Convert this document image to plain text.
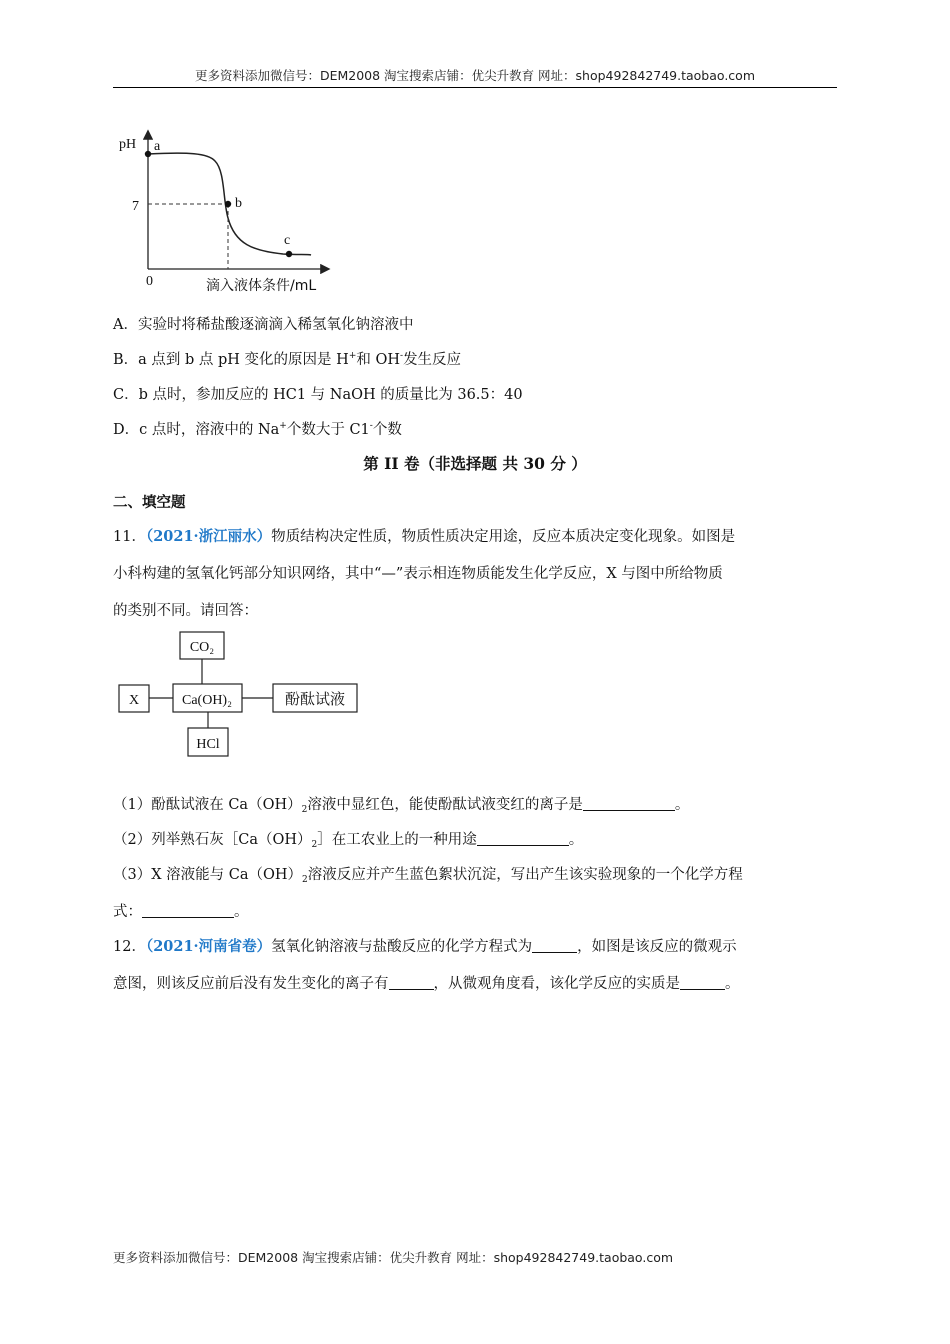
更多资料添加微信号：DEM2008 淘宝搜索店铺：优尖升教育 网址：shop492842749.taobao.com
pH a
b
c
7
0	滴入液体条件/mL
A．实验时将稀盐酸逐滴滴入稀氢氧化钠溶液中
B．a 点到 b 点 pH 变化的原因是 H+和 OH-发生反应
C．b 点时，参加反应的 HC1 与 NaOH 的质量比为 36.5：40
D．c 点时，溶液中的 Na+个数大于 C1-个数
第 II 卷（非选择题 共 30 分 ）
二、填空题
11．（2021·浙江丽水）物质结构决定性质，物质性质决定用途，反应本质决定变化现象。如图是
小科构建的氢氧化钙部分知识网络，其中“—”表示相连物质能发生化学反应，X 与图中所给物质
的类别不同。请回答：
CO₂
Ca(OH)₂
X	酚酞试液
HCl
（1）酚酞试液在 $Ca(OH)_2$溶液中显红色，能使酚酞试液变红的离子是	。
（2）列举熟石灰$[Ca(OH)_2]$在工农业上的一种用途	。
（3）X 溶液能与 $Ca(OH)_2$溶液反应并产生蓝色絮状沉淀，写出产生该实验现象的一个化学方程
式：	。
12．（2021·河南省卷）氢氧化钠溶液与盐酸反应的化学方程式为	，如图是该反应的微观示
意图，则该反应前后没有发生变化的离子有	，从微观角度看，该化学反应的实质是	。
更多资料添加微信号：DEM2008 淘宝搜索店铺：优尖升教育 网址：shop492842749.taobao.com
